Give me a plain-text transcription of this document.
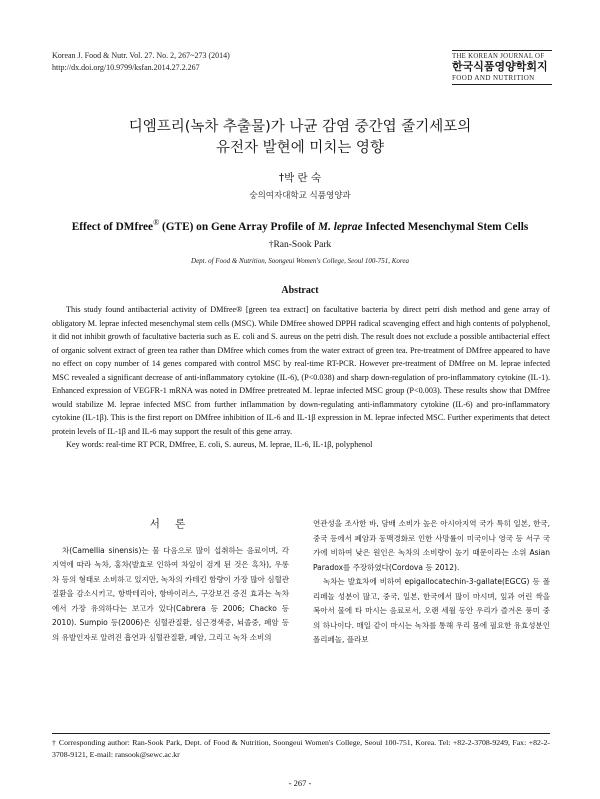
Korean J. Food & Nutr. Vol. 27. No. 2, 267~273 (2014)
http://dx.doi.org/10.9799/ksfan.2014.27.2.267
THE KOREAN JOURNAL OF
한국식품영양학회지
FOOD AND NUTRITION
디엠프리(녹차 추출물)가 나균 감염 중간엽 줄기세포의
유전자 발현에 미치는 영향
†박 란 숙
숭의여자대학교 식품영양과
Effect of DMfree® (GTE) on Gene Array Profile of M. leprae Infected Mesenchymal Stem Cells
†Ran-Sook Park
Dept. of Food & Nutrition, Soongeui Women's College, Seoul 100-751, Korea
Abstract

This study found antibacterial activity of DMfree® [green tea extract] on facultative bacteria by direct petri dish method and gene array of obligatory M. leprae infected mesenchymal stem cells (MSC). While DMfree showed DPPH radical scavenging effect and high contents of polyphenol, it did not inhibit growth of facultative bacteria such as E. coli and S. aureus on the petri dish. The result does not exclude a possible antibacterial effect of organic solvent extract of green tea rather than DMfree which comes from the water extract of green tea. Pre-treatment of DMfree appeared to have no effect on copy number of 14 genes compared with control MSC by real-time RT-PCR. However pre-treatment of DMfree on M. leprae infected MSC revealed a significant decrease of anti-inflammatory cytokine (IL-6), (P<0.038) and sharp down-regulation of pro-inflammatory cytokine (IL-1). Enhanced expression of VEGFR-1 mRNA was noted in DMfree pretreated M. leprae infected MSC group (P<0.003). These results show that DMfree would stabilize M. leprae infected MSC from further inflammation by down-regulating anti-inflammatory cytokine (IL-6) and pro-inflammatory cytokine (IL-1β). This is the first report on DMfree inhibition of IL-6 and IL-1β expression in M. leprae infected MSC. Further experiments that detect protein levels of IL-1β and IL-6 may support the result of this gene array.

Key words: real-time RT PCR, DMfree, E. coli, S. aureus, M. leprae, IL-6, IL-1β, polyphenol

서 론

차(Camellia sinensis)는 물 다음으로 많이 섭취하는 음료이며, 각 지역에 따라 녹차, 홍차(발효로 인하여 차잎이 검게 된 것은 흑차), 우롱차 등의 형태로 소비하고 있지만, 녹차의 카테킨 함량이 가장 많아 심혈관질환을 감소시키고, 항박테리아, 항바이러스, 구강보건 증진 효과는 녹차에서 가장 유의하다는 보고가 있다(Cabrera 등 2006; Chacko 등 2010). Sumpio 등(2006)은 심혈관질환, 심근경색증, 뇌졸중, 폐암 등의 유발인자로 알려진 흡연과 심혈관질환, 폐암, 그리고 녹차 소비의

연관성을 조사한 바, 담배 소비가 높은 아시아지역 국가 특히 일본, 한국, 중국 등에서 폐암과 동맥경화로 인한 사망률이 미국이나 영국 등 서구 국가에 비하여 낮은 원인은 녹차의 소비량이 높기 때문이라는 소위 Asian Paradox를 주장하였다(Cordova 등 2012).

녹차는 발효차에 비하여 epigallocatechin-3-gallate(EGCG) 등 폴리페놀 성분이 많고, 중국, 일본, 한국에서 많이 마시며, 잎과 어린 싹을 복아서 물에 타 마시는 음료로서, 오랜 세월 동안 우리가 즐겨온 풍미 중의 하나이다. 매일 같이 마시는 녹차를 통해 우리 몸에 필요한 유효성분인 폴리페놀, 플라보

† Corresponding author: Ran-Sook Park, Dept. of Food & Nutrition, Soongeui Women's College, Seoul 100-751, Korea. Tel: +82-2-3708-9249, Fax: +82-2-3708-9121, E-mail: ransook@sewc.ac.kr
- 267 -
